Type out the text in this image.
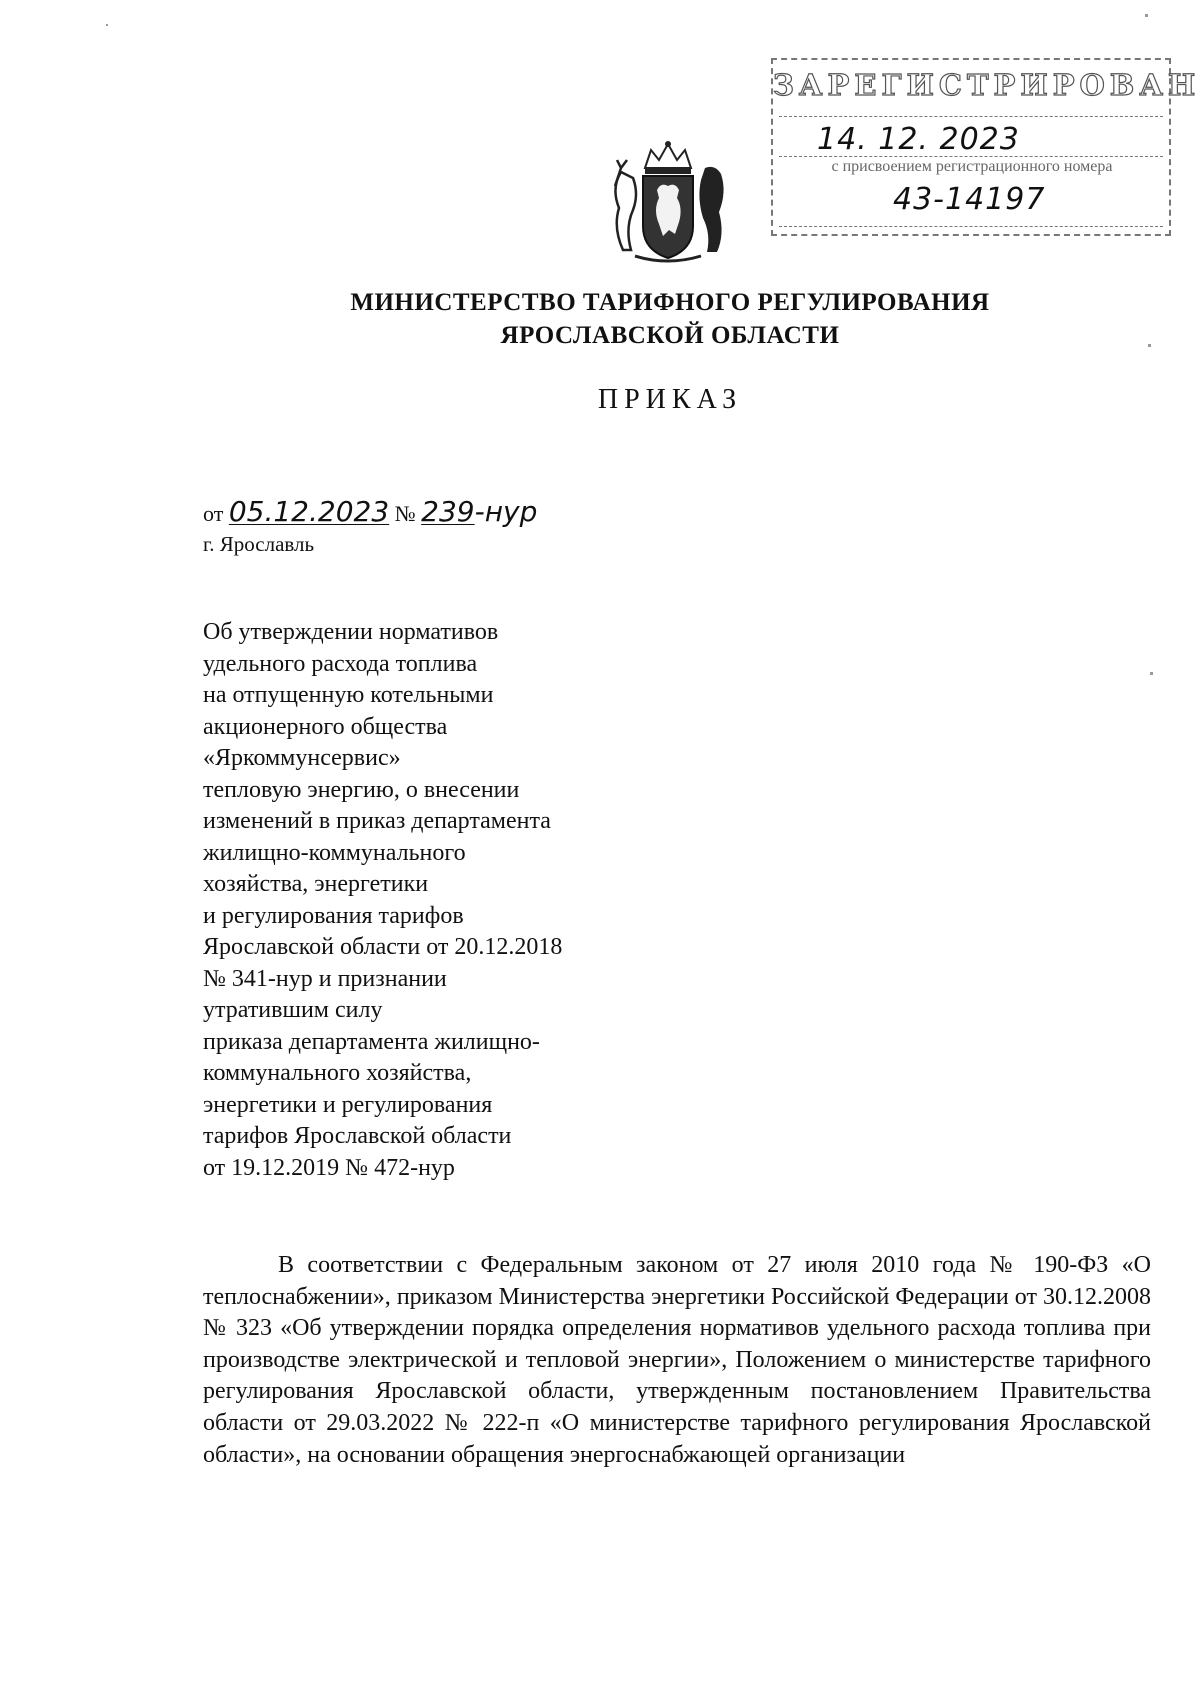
ЗАРЕГИСТРИРОВАН
14. 12. 2023
с присвоением регистрационного номера
43-14197
МИНИСТЕРСТВО ТАРИФНОГО РЕГУЛИРОВАНИЯ
ЯРОСЛАВСКОЙ ОБЛАСТИ
ПРИКАЗ
от 05.12.2023 № 239-нур
г. Ярославль
Об утверждении нормативов
удельного расхода топлива
на отпущенную котельными
акционерного общества
«Яркоммунсервис»
тепловую энергию, о внесении
изменений в приказ департамента
жилищно-коммунального
хозяйства, энергетики
и регулирования тарифов
Ярославской области от 20.12.2018
№ 341-нур и признании
утратившим силу
приказа департамента жилищно-
коммунального хозяйства,
энергетики и регулирования
тарифов Ярославской области
от 19.12.2019 № 472-нур
В соответствии с Федеральным законом от 27 июля 2010 года № 190-ФЗ «О теплоснабжении», приказом Министерства энергетики Российской Федерации от 30.12.2008 № 323 «Об утверждении порядка определения нормативов удельного расхода топлива при производстве электрической и тепловой энергии», Положением о министерстве тарифного регулирования Ярославской области, утвержденным постановлением Правительства области от 29.03.2022 № 222-п «О министерстве тарифного регулирования Ярославской области», на основании обращения энергоснабжающей организации
